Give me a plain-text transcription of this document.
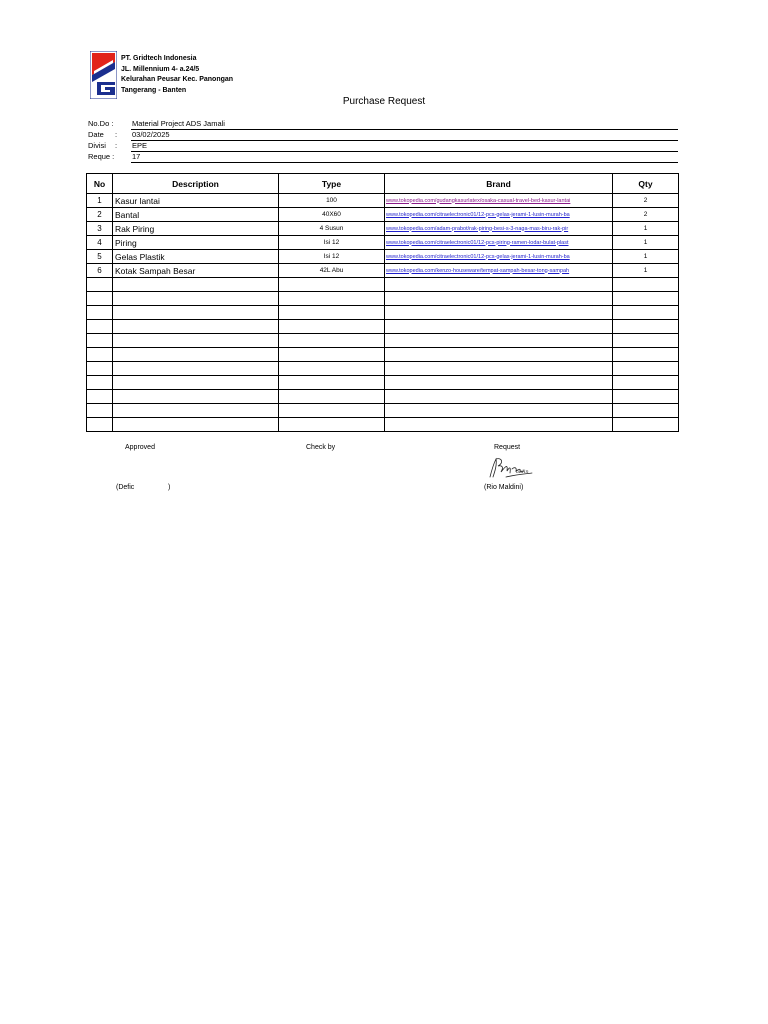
PT. Gridtech Indonesia
JL. Millennium 4- a.24/5
Kelurahan Peusar Kec. Panongan
Tangerang - Banten
Purchase Request
No.Do : Material Project ADS Jamali
Date : 03/02/2025
Divisi : EPE
Reque : 17
No	Description	Type	Brand	Qty
1	Kasur lantai	100	www.tokopedia.com/gudangkasurlatex/osaka-casual-travel-bed-kasur-lantai	2
2	Bantal	40X60	www.tokopedia.com/citraelectronic01/12-pcs-gelas-jerami-1-lusin-murah-ba	2
3	Rak Piring	4 Susun	www.tokopedia.com/adam-prabot/rak-piring-besi-s-3-naga-mas-biru-rak-pir	1
4	Piring	Isi 12	www.tokopedia.com/citraelectronic01/12-pcs-piring-ramen-lodar-bulat-plast	1
5	Gelas Plastik	Isi 12	www.tokopedia.com/citraelectronic01/12-pcs-gelas-jerami-1-lusin-murah-ba	1
6	Kotak Sampah Besar	42L Abu	www.tokopedia.com/kenzo-houseware/tempat-sampah-besar-tong-sampah	1

Approved	Check by	Request
aldin
(Defic	)	(Rio Maldini)
